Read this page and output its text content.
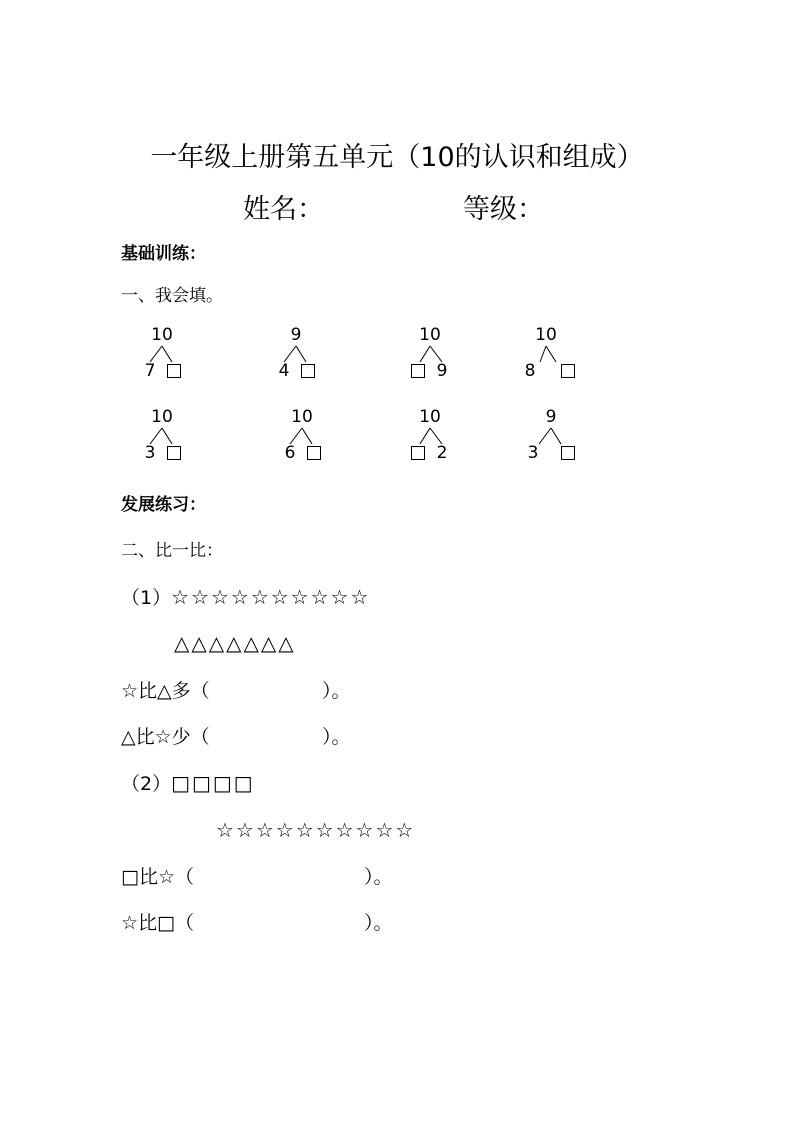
一年级上册第五单元（10的认识和组成）
姓名：	等级：
基础训练：
一、我会填。
10
7
9
4
10
9
10
8
10
3
10
6
10
2
9
3
发展练习：
二、比一比：
（1）☆☆☆☆☆☆☆☆☆☆
△△△△△△△
☆比△多（	）。
△比☆少（	）。
（2）□□□□
☆☆☆☆☆☆☆☆☆☆
□比☆（	）。
☆比□（	）。
